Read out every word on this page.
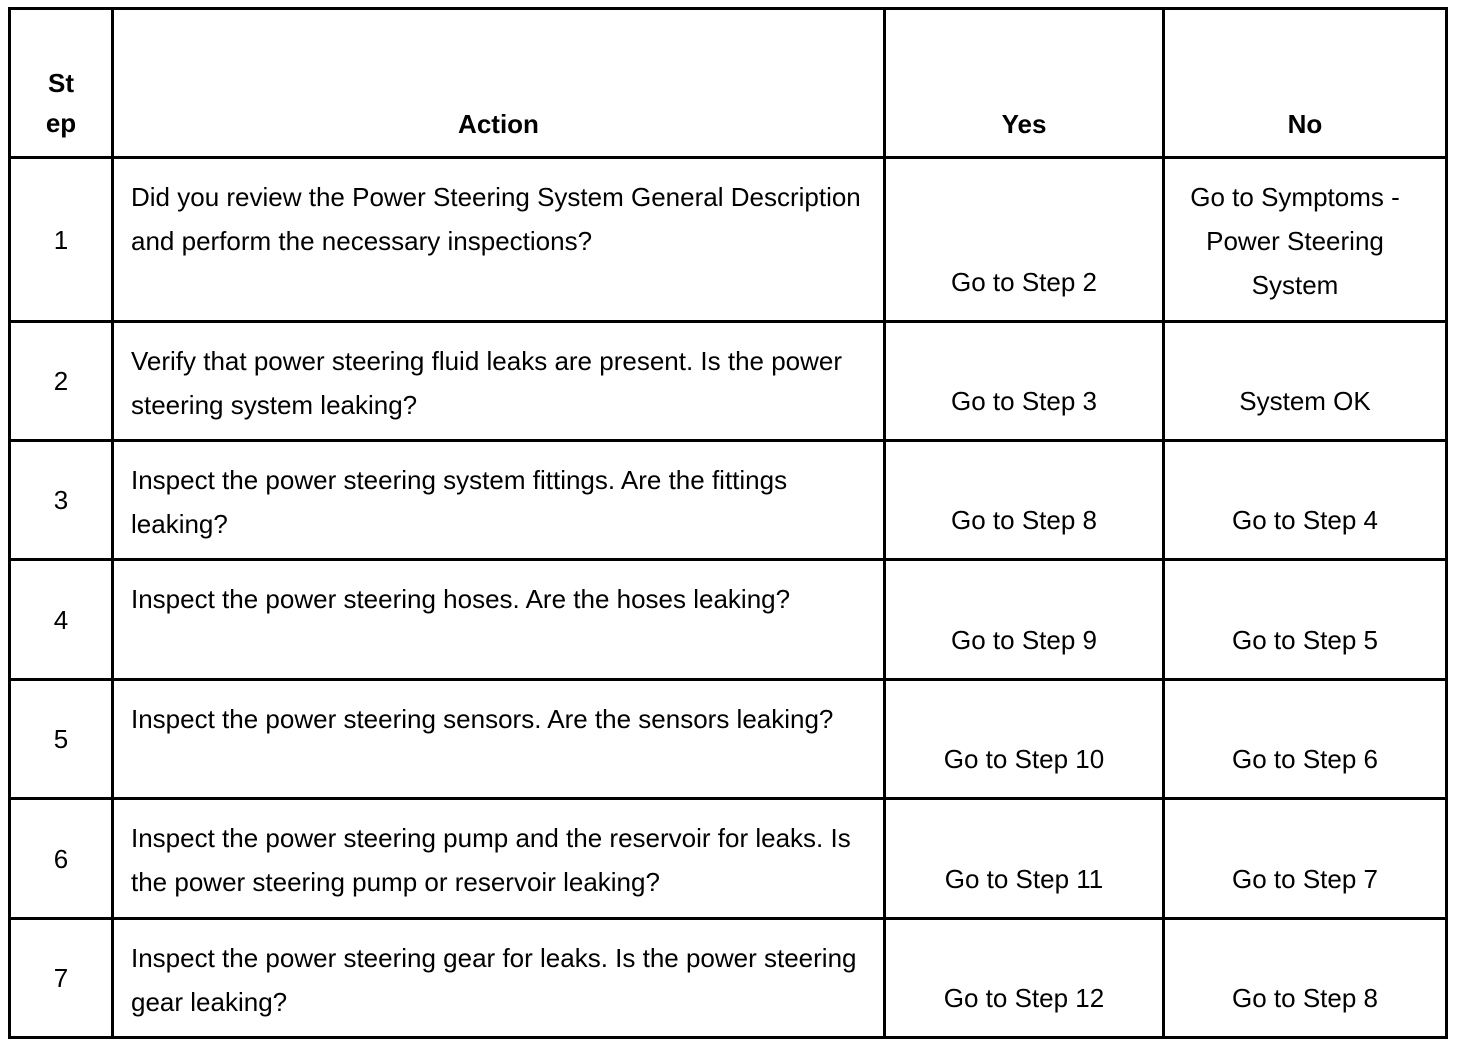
St
ep	Action	Yes	No
1	Did you review the Power Steering System General Description and perform the necessary inspections?	Go to Step 2	Go to Symptoms - Power Steering System
2	Verify that power steering fluid leaks are present. Is the power steering system leaking?	Go to Step 3	System OK
3	Inspect the power steering system fittings. Are the fittings leaking?	Go to Step 8	Go to Step 4
4	Inspect the power steering hoses. Are the hoses leaking?	Go to Step 9	Go to Step 5
5	Inspect the power steering sensors. Are the sensors leaking?	Go to Step 10	Go to Step 6
6	Inspect the power steering pump and the reservoir for leaks. Is the power steering pump or reservoir leaking?	Go to Step 11	Go to Step 7
7	Inspect the power steering gear for leaks. Is the power steering gear leaking?	Go to Step 12	Go to Step 8
